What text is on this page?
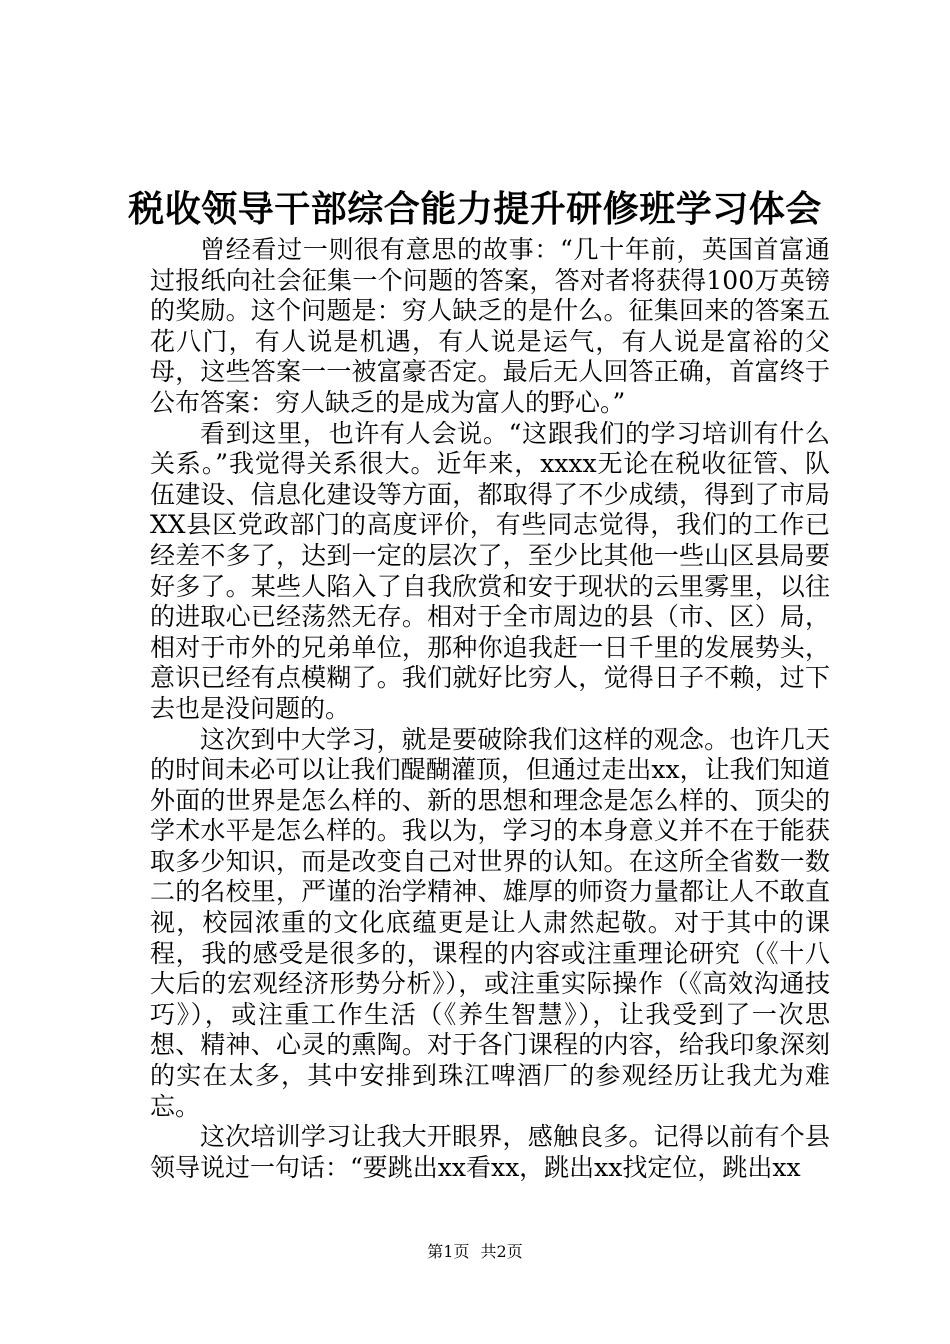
税收领导干部综合能力提升研修班学习体会

曾经看过一则很有意思的故事：“几十年前，英国首富通过报纸向社会征集一个问题的答案，答对者将获得100万英镑的奖励。这个问题是：穷人缺乏的是什么。征集回来的答案五花八门，有人说是机遇，有人说是运气，有人说是富裕的父母，这些答案一一被富豪否定。最后无人回答正确，首富终于公布答案：穷人缺乏的是成为富人的野心。”

看到这里，也许有人会说。“这跟我们的学习培训有什么关系。”我觉得关系很大。近年来，xxxx无论在税收征管、队伍建设、信息化建设等方面，都取得了不少成绩，得到了市局XX县区党政部门的高度评价，有些同志觉得，我们的工作已经差不多了，达到一定的层次了，至少比其他一些山区县局要好多了。某些人陷入了自我欣赏和安于现状的云里雾里，以往的进取心已经荡然无存。相对于全市周边的县（市、区）局，相对于市外的兄弟单位，那种你追我赶一日千里的发展势头，意识已经有点模糊了。我们就好比穷人，觉得日子不赖，过下去也是没问题的。

这次到中大学习，就是要破除我们这样的观念。也许几天的时间未必可以让我们醍醐灌顶，但通过走出xx，让我们知道外面的世界是怎么样的、新的思想和理念是怎么样的、顶尖的学术水平是怎么样的。我以为，学习的本身意义并不在于能获取多少知识，而是改变自己对世界的认知。在这所全省数一数二的名校里，严谨的治学精神、雄厚的师资力量都让人不敢直视，校园浓重的文化底蕴更是让人肃然起敬。对于其中的课程，我的感受是很多的，课程的内容或注重理论研究（《十八大后的宏观经济形势分析》），或注重实际操作（《高效沟通技巧》），或注重工作生活（《养生智慧》），让我受到了一次思想、精神、心灵的熏陶。对于各门课程的内容，给我印象深刻的实在太多，其中安排到珠江啤酒厂的参观经历让我尤为难忘。

这次培训学习让我大开眼界，感触良多。记得以前有个县领导说过一句话：“要跳出xx看xx，跳出xx找定位，跳出xx

第1页 共2页
